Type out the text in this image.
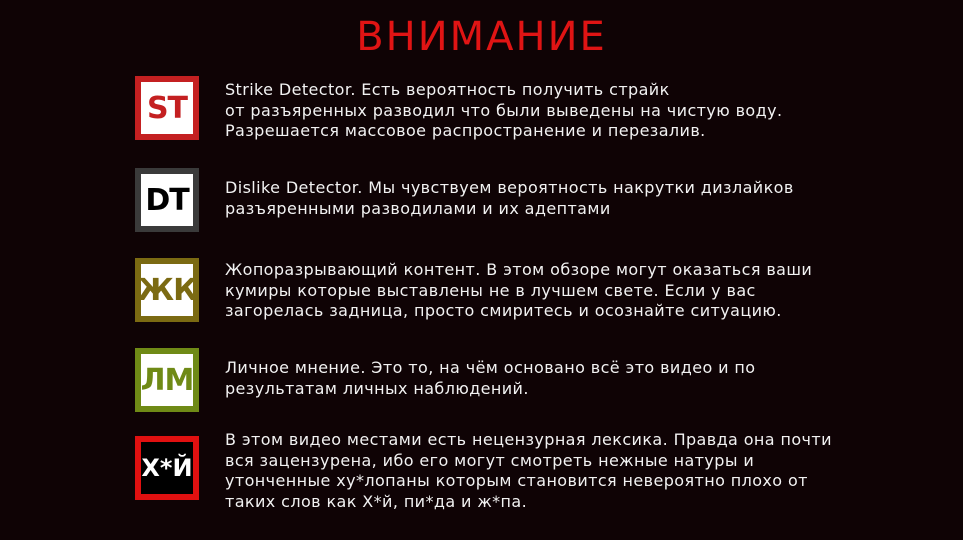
ВНИМАНИЕ
ST
Strike Detector. Есть вероятность получить страйк
от разъяренных разводил что были выведены на чистую воду.
Разрешается массовое распространение и перезалив.
DT	Dislike Detector. Мы чувствуем вероятность накрутки дизлайков
разъяренными разводилами и их адептами
ЖК
Жопоразрывающий контент. В этом обзоре могут оказаться ваши
кумиры которые выставлены не в лучшем свете. Если у вас
загорелась задница, просто смиритесь и осознайте ситуацию.
ЛМ	Личное мнение. Это то, на чём основано всё это видео и по
результатам личных наблюдений.
Х*Й
В этом видео местами есть нецензурная лексика. Правда она почти
вся зацензурена, ибо его могут смотреть нежные натуры и
утонченные ху*лопаны которым становится невероятно плохо от
таких слов как Х*й, пи*да и ж*па.
